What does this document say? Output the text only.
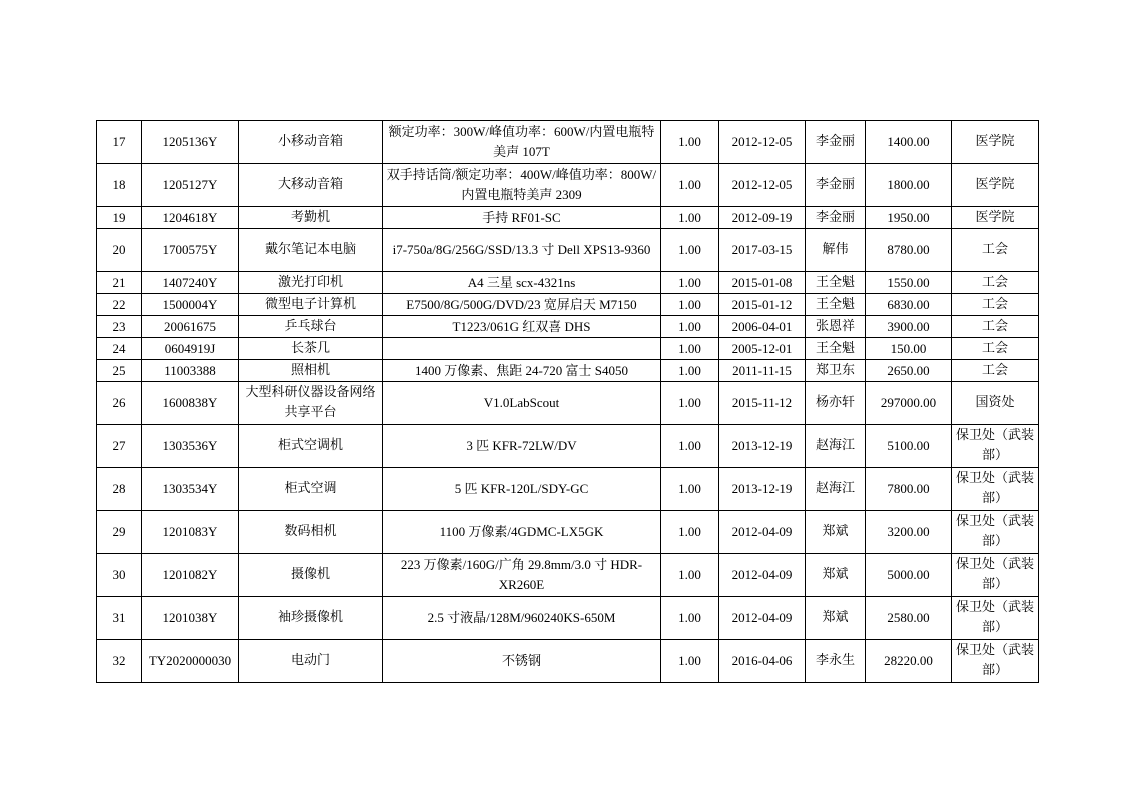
17	1205136Y	小移动音箱	额定功率：300W/峰值功率：600W/内置电瓶特美声 107T	1.00	2012-12-05	李金丽	1400.00	医学院
18	1205127Y	大移动音箱	双手持话筒/额定功率：400W/峰值功率：800W/内置电瓶特美声 2309	1.00	2012-12-05	李金丽	1800.00	医学院
19	1204618Y	考勤机	手持 RF01-SC	1.00	2012-09-19	李金丽	1950.00	医学院
20	1700575Y	戴尔笔记本电脑	i7-750a/8G/256G/SSD/13.3 寸 Dell XPS13-9360	1.00	2017-03-15	解伟	8780.00	工会
21	1407240Y	激光打印机	A4 三星 scx-4321ns	1.00	2015-01-08	王全魁	1550.00	工会
22	1500004Y	微型电子计算机	E7500/8G/500G/DVD/23 宽屏启天 M7150	1.00	2015-01-12	王全魁	6830.00	工会
23	20061675	乒乓球台	T1223/061G 红双喜 DHS	1.00	2006-04-01	张恩祥	3900.00	工会
24	0604919J	长茶几		1.00	2005-12-01	王全魁	150.00	工会
25	11003388	照相机	1400 万像素、焦距 24-720 富士 S4050	1.00	2011-11-15	郑卫东	2650.00	工会
26	1600838Y	大型科研仪器设备网络共享平台	V1.0LabScout	1.00	2015-11-12	杨亦轩	297000.00	国资处
27	1303536Y	柜式空调机	3 匹 KFR-72LW/DV	1.00	2013-12-19	赵海江	5100.00	保卫处（武装部）
28	1303534Y	柜式空调	5 匹 KFR-120L/SDY-GC	1.00	2013-12-19	赵海江	7800.00	保卫处（武装部）
29	1201083Y	数码相机	1100 万像素/4GDMC-LX5GK	1.00	2012-04-09	郑斌	3200.00	保卫处（武装部）
30	1201082Y	摄像机	223 万像素/160G/广角 29.8mm/3.0 寸 HDR-XR260E	1.00	2012-04-09	郑斌	5000.00	保卫处（武装部）
31	1201038Y	袖珍摄像机	2.5 寸液晶/128M/960240KS-650M	1.00	2012-04-09	郑斌	2580.00	保卫处（武装部）
32	TY2020000030	电动门	不锈钢	1.00	2016-04-06	李永生	28220.00	保卫处（武装部）
